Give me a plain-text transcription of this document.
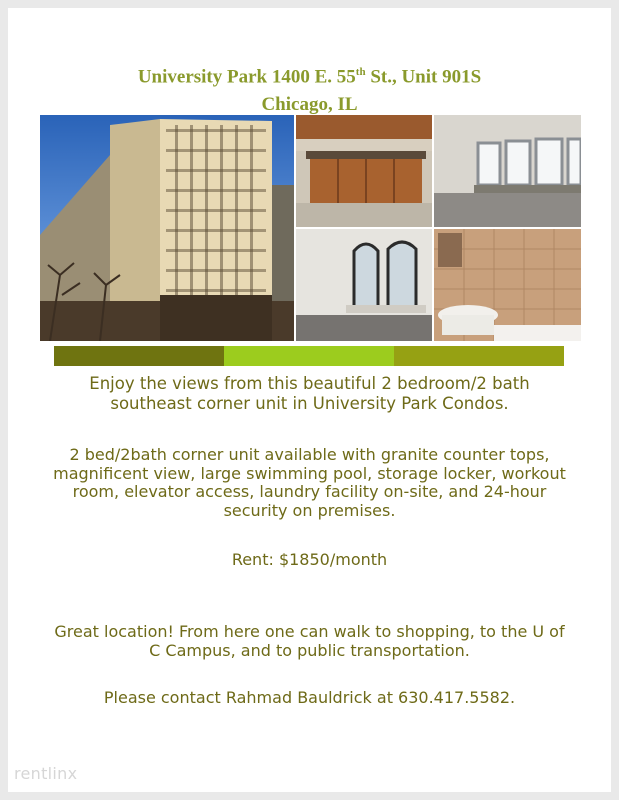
University Park 1400 E. 55th St., Unit 901S
Chicago, IL
Enjoy the views from this beautiful 2 bedroom/2 bath southeast corner unit in University Park Condos.
2 bed/2bath corner unit available with granite counter tops, magnificent view, large swimming pool, storage locker, workout room, elevator access, laundry facility on-site, and 24-hour security on premises.
Rent: $1850/month
Great location! From here one can walk to shopping, to the U of C Campus, and to public transportation.
Please contact Rahmad Bauldrick at 630.417.5582.
rentlinx
